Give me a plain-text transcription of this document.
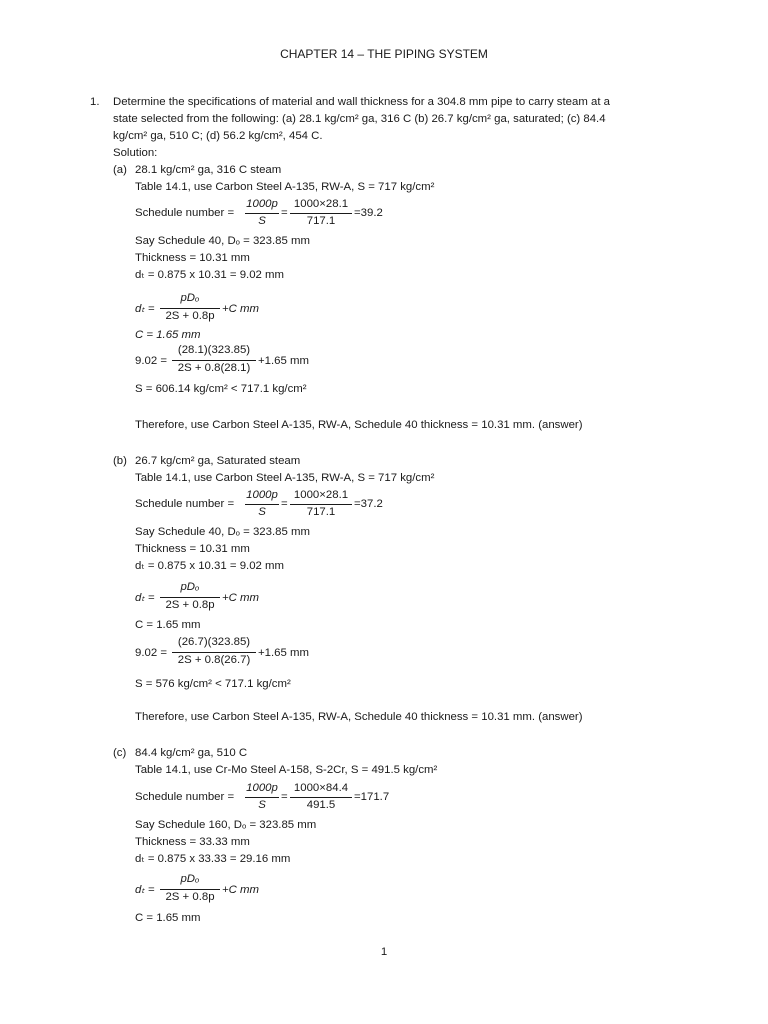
CHAPTER 14 – THE PIPING SYSTEM
1. Determine the specifications of material and wall thickness for a 304.8 mm pipe to carry steam at a
state selected from the following: (a) 28.1 kg/cm² ga, 316 C (b) 26.7 kg/cm² ga, saturated; (c) 84.4
kg/cm² ga, 510 C; (d) 56.2 kg/cm², 454 C.
Solution:
(a) 28.1 kg/cm² ga, 316 C steam
Table 14.1, use Carbon Steel A-135, RW-A, S = 717 kg/cm²
Schedule number =
1000p
S
=
1000×28.1
717.1
=39.2
Say Schedule 40, Dₒ = 323.85 mm
Thickness = 10.31 mm
dₜ = 0.875 x 10.31 = 9.02 mm
dₜ =
pDₒ
2S + 0.8p
+C mm
C = 1.65 mm
9.02 =
(28.1)(323.85)
2S + 0.8(28.1)
+1.65 mm
S = 606.14 kg/cm² < 717.1 kg/cm²
Therefore, use Carbon Steel A-135, RW-A, Schedule 40 thickness = 10.31 mm. (answer)
(b) 26.7 kg/cm² ga, Saturated steam
Table 14.1, use Carbon Steel A-135, RW-A, S = 717 kg/cm²
Schedule number =
1000p
S
=
1000×28.1
717.1
=37.2
Say Schedule 40, Dₒ = 323.85 mm
Thickness = 10.31 mm
dₜ = 0.875 x 10.31 = 9.02 mm
dₜ =
pDₒ
2S + 0.8p
+C mm
C = 1.65 mm
9.02 =
(26.7)(323.85)
2S + 0.8(26.7)
+1.65 mm
S = 576 kg/cm² < 717.1 kg/cm²
Therefore, use Carbon Steel A-135, RW-A, Schedule 40 thickness = 10.31 mm. (answer)
(c) 84.4 kg/cm² ga, 510 C
Table 14.1, use Cr-Mo Steel A-158, S-2Cr, S = 491.5 kg/cm²
Schedule number =
1000p
S
=
1000×84.4
491.5
=171.7
Say Schedule 160, Dₒ = 323.85 mm
Thickness = 33.33 mm
dₜ = 0.875 x 33.33 = 29.16 mm
dₜ =
pDₒ
2S + 0.8p
+C mm
C = 1.65 mm
1
